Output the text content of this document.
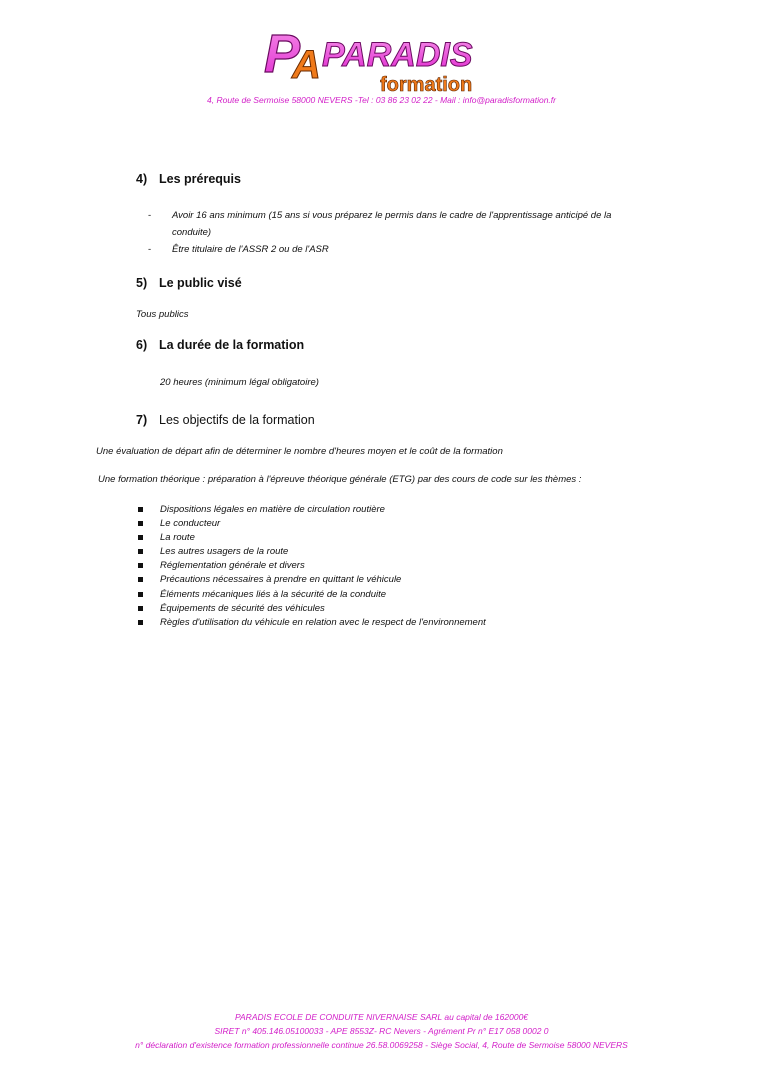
P
A PARADIS
formation
4, Route de Sermoise 58000 NEVERS -Tel : 03 86 23 02 22 - Mail : info@paradisformation.fr
4) Les prérequis
- Avoir 16 ans minimum (15 ans si vous préparez le permis dans le cadre de l'apprentissage anticipé de la
conduite)
- Être titulaire de l'ASSR 2 ou de l'ASR
5) Le public visé
Tous publics
6) La durée de la formation
20 heures (minimum légal obligatoire)
7) Les objectifs de la formation
Une évaluation de départ afin de déterminer le nombre d'heures moyen et le coût de la formation
Une formation théorique : préparation à l'épreuve théorique générale (ETG) par des cours de code sur les thèmes :
Dispositions légales en matière de circulation routière
Le conducteur
La route
Les autres usagers de la route
Réglementation générale et divers
Précautions nécessaires à prendre en quittant le véhicule
Éléments mécaniques liés à la sécurité de la conduite
Équipements de sécurité des véhicules
Règles d'utilisation du véhicule en relation avec le respect de l'environnement
PARADIS ECOLE DE CONDUITE NIVERNAISE SARL au capital de 162000€
SIRET n° 405.146.05100033 - APE 8553Z- RC Nevers - Agrément Pr n° E17 058 0002 0
n° déclaration d'existence formation professionnelle continue 26.58.0069258 - Siège Social, 4, Route de Sermoise 58000 NEVERS
